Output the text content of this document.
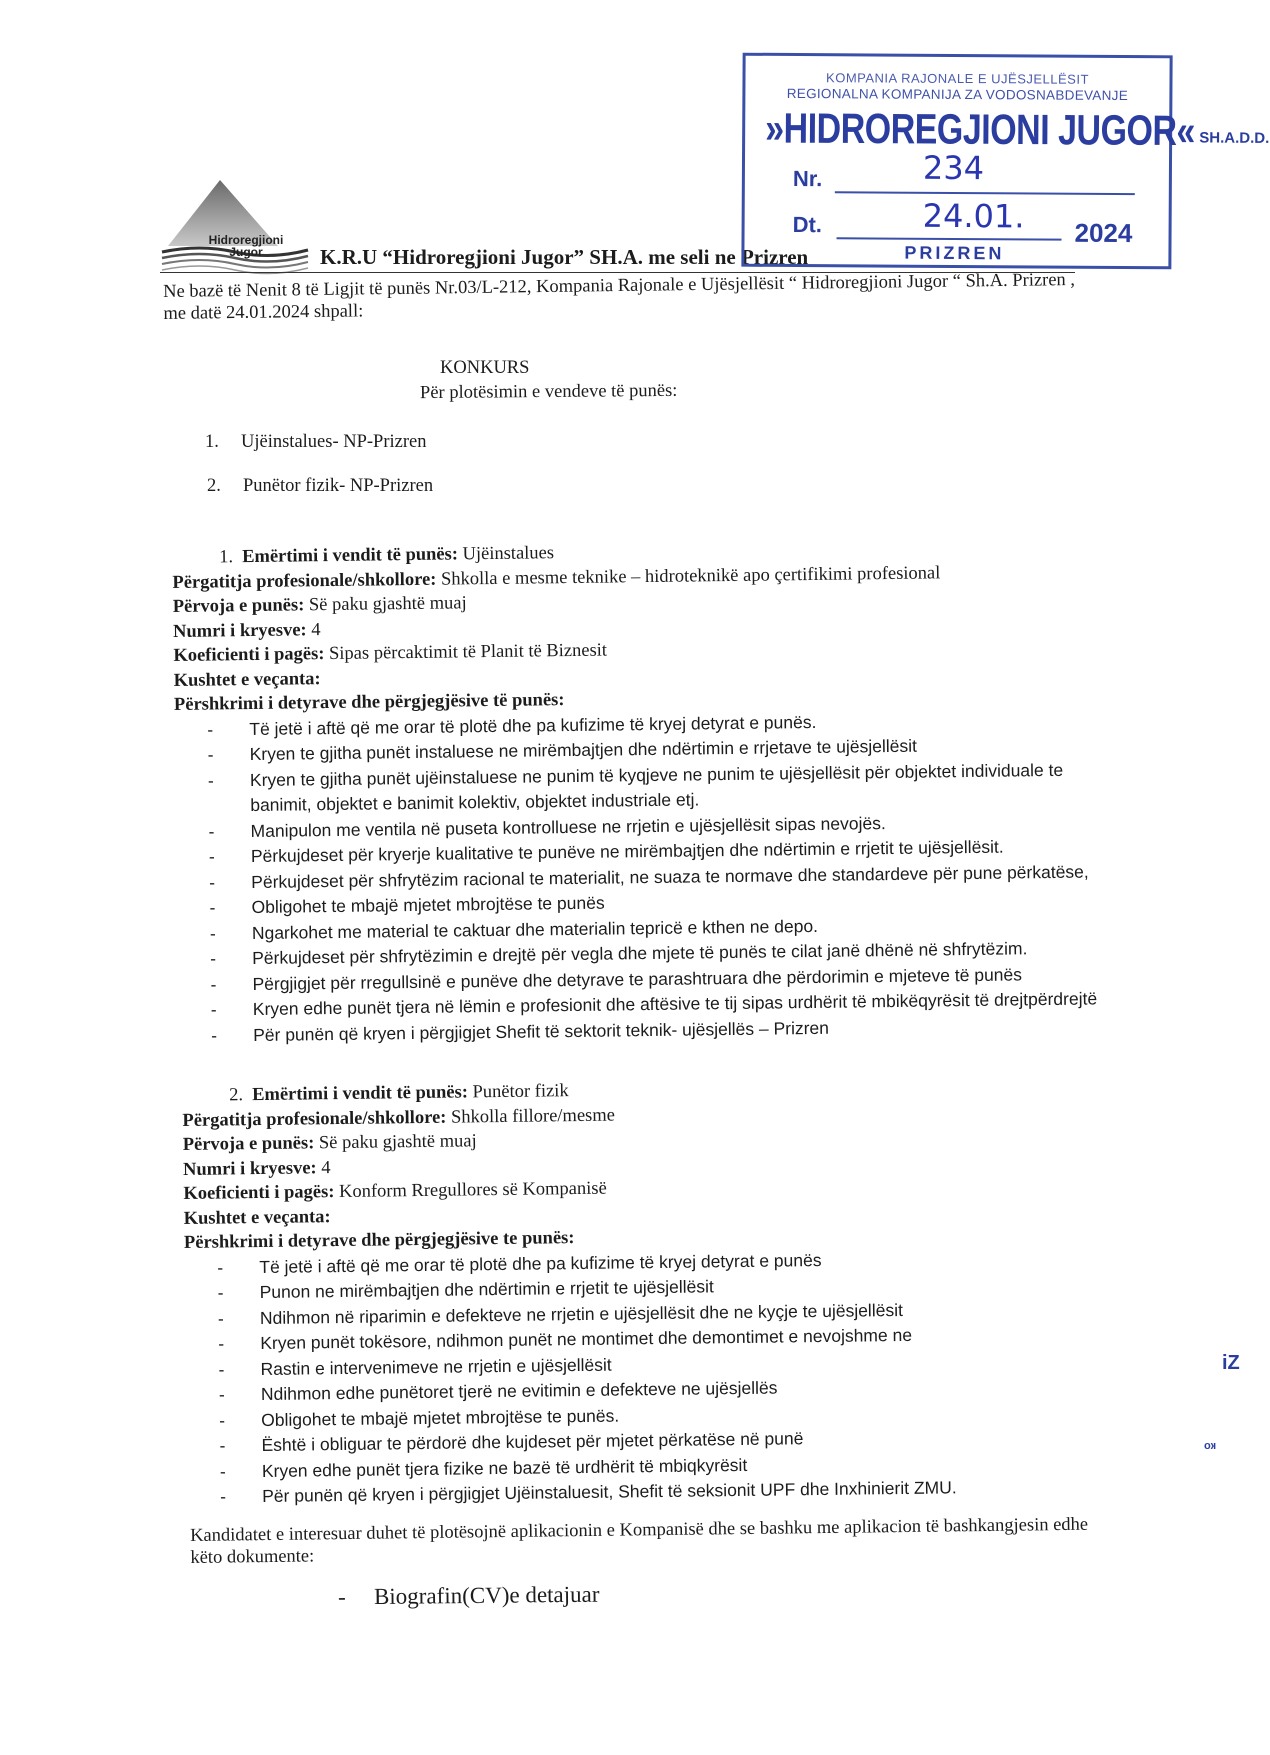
Hidroregjioni
Jugor	K.R.U “Hidroregjioni Jugor” SH.A. me seli ne Prizren
KOMPANIA RAJONALE E UJËSJELLËSIT
REGIONALNA KOMPANIJA ZA VODOSNABDEVANJE
»HIDROREGJIONI JUGOR« SH.A.D.D.
Nr.	234
Dt.	24.01. 2024
PRIZREN
Ne bazë të Nenit 8 të Ligjit të punës Nr.03/L-212, Kompania Rajonale e Ujësjellësit “ Hidroregjioni Jugor “ Sh.A. Prizren , me datë 24.01.2024 shpall:
KONKURS
Për plotësimin e vendeve të punës:
1. Ujëinstalues- NP-Prizren
2. Punëtor fizik- NP-Prizren
1. Emërtimi i vendit të punës: Ujëinstalues
Përgatitja profesionale/shkollore: Shkolla e mesme teknike – hidroteknikë apo çertifikimi profesional
Përvoja e punës: Së paku gjashtë muaj
Numri i kryesve: 4
Koeficienti i pagës: Sipas përcaktimit të Planit të Biznesit
Kushtet e veçanta:
Përshkrimi i detyrave dhe përgjegjësive të punës:
- Të jetë i aftë që me orar të plotë dhe pa kufizime të kryej detyrat e punës.
- Kryen te gjitha punët instaluese ne mirëmbajtjen dhe ndërtimin e rrjetave te ujësjellësit
- Kryen te gjitha punët ujëinstaluese ne punim të kyqjeve ne punim te ujësjellësit për objektet individuale te banimit, objektet e banimit kolektiv, objektet industriale etj.
- Manipulon me ventila në puseta kontrolluese ne rrjetin e ujësjellësit sipas nevojës.
- Përkujdeset për kryerje kualitative te punëve ne mirëmbajtjen dhe ndërtimin e rrjetit te ujësjellësit.
- Përkujdeset për shfrytëzim racional te materialit, ne suaza te normave dhe standardeve për pune përkatëse,
- Obligohet te mbajë mjetet mbrojtëse te punës
- Ngarkohet me material te caktuar dhe materialin tepricë e kthen ne depo.
- Përkujdeset për shfrytëzimin e drejtë për vegla dhe mjete të punës te cilat janë dhënë në shfrytëzim.
- Përgjigjet për rregullsinë e punëve dhe detyrave te parashtruara dhe përdorimin e mjeteve të punës
- Kryen edhe punët tjera në lëmin e profesionit dhe aftësive te tij sipas urdhërit të mbikëqyrësit të drejtpërdrejtë
- Për punën që kryen i përgjigjet Shefit të sektorit teknik- ujësjellës – Prizren
2. Emërtimi i vendit të punës: Punëtor fizik
Përgatitja profesionale/shkollore: Shkolla fillore/mesme
Përvoja e punës: Së paku gjashtë muaj
Numri i kryesve: 4
Koeficienti i pagës: Konform Rregullores së Kompanisë
Kushtet e veçanta:
Përshkrimi i detyrave dhe përgjegjësive te punës:
- Të jetë i aftë që me orar të plotë dhe pa kufizime të kryej detyrat e punës
- Punon ne mirëmbajtjen dhe ndërtimin e rrjetit te ujësjellësit
- Ndihmon në riparimin e defekteve ne rrjetin e ujësjellësit dhe ne kyçje te ujësjellësit
- Kryen punët tokësore, ndihmon punët ne montimet dhe demontimet e nevojshme ne
- Rastin e intervenimeve ne rrjetin e ujësjellësit
- Ndihmon edhe punëtoret tjerë ne evitimin e defekteve ne ujësjellës
- Obligohet te mbajë mjetet mbrojtëse te punës.
- Është i obliguar te përdorë dhe kujdeset për mjetet përkatëse në punë
- Kryen edhe punët tjera fizike ne bazë të urdhërit të mbiqkyrësit
- Për punën që kryen i përgjigjet Ujëinstaluesit, Shefit të seksionit UPF dhe Inxhinierit ZMU.
Kandidatet e interesuar duhet të plotësojnë aplikacionin e Kompanisë dhe se bashku me aplikacion të bashkangjesin edhe këto dokumente:
- Biografin(CV)e detajuar
iZ
ко
